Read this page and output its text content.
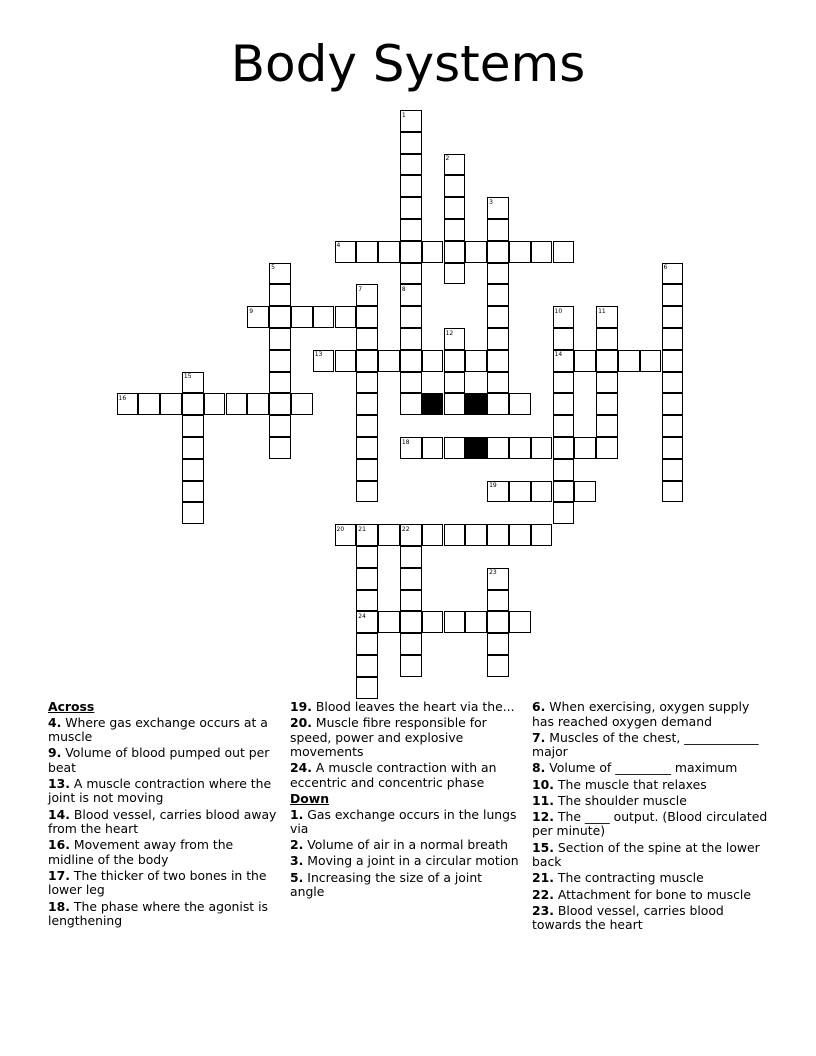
Body Systems
1
2
3
4
5	6
7	8
9	10	11
12
13	14
15
16	17
18
19
20 21	22
23
24
Across
4. Where gas exchange occurs at a muscle
9. Volume of blood pumped out per beat
13. A muscle contraction where the joint is not moving
14. Blood vessel, carries blood away from the heart
16. Movement away from the midline of the body
17. The thicker of two bones in the lower leg
18. The phase where the agonist is lengthening
19. Blood leaves the heart via the...
20. Muscle fibre responsible for speed, power and explosive movements
24. A muscle contraction with an eccentric and concentric phase
Down
1. Gas exchange occurs in the lungs via
2. Volume of air in a normal breath
3. Moving a joint in a circular motion
5. Increasing the size of a joint angle
6. When exercising, oxygen supply has reached oxygen demand
7. Muscles of the chest, ____________ major
8. Volume of _________ maximum
10. The muscle that relaxes
11. The shoulder muscle
12. The ____ output. (Blood circulated per minute)
15. Section of the spine at the lower back
21. The contracting muscle
22. Attachment for bone to muscle
23. Blood vessel, carries blood towards the heart
